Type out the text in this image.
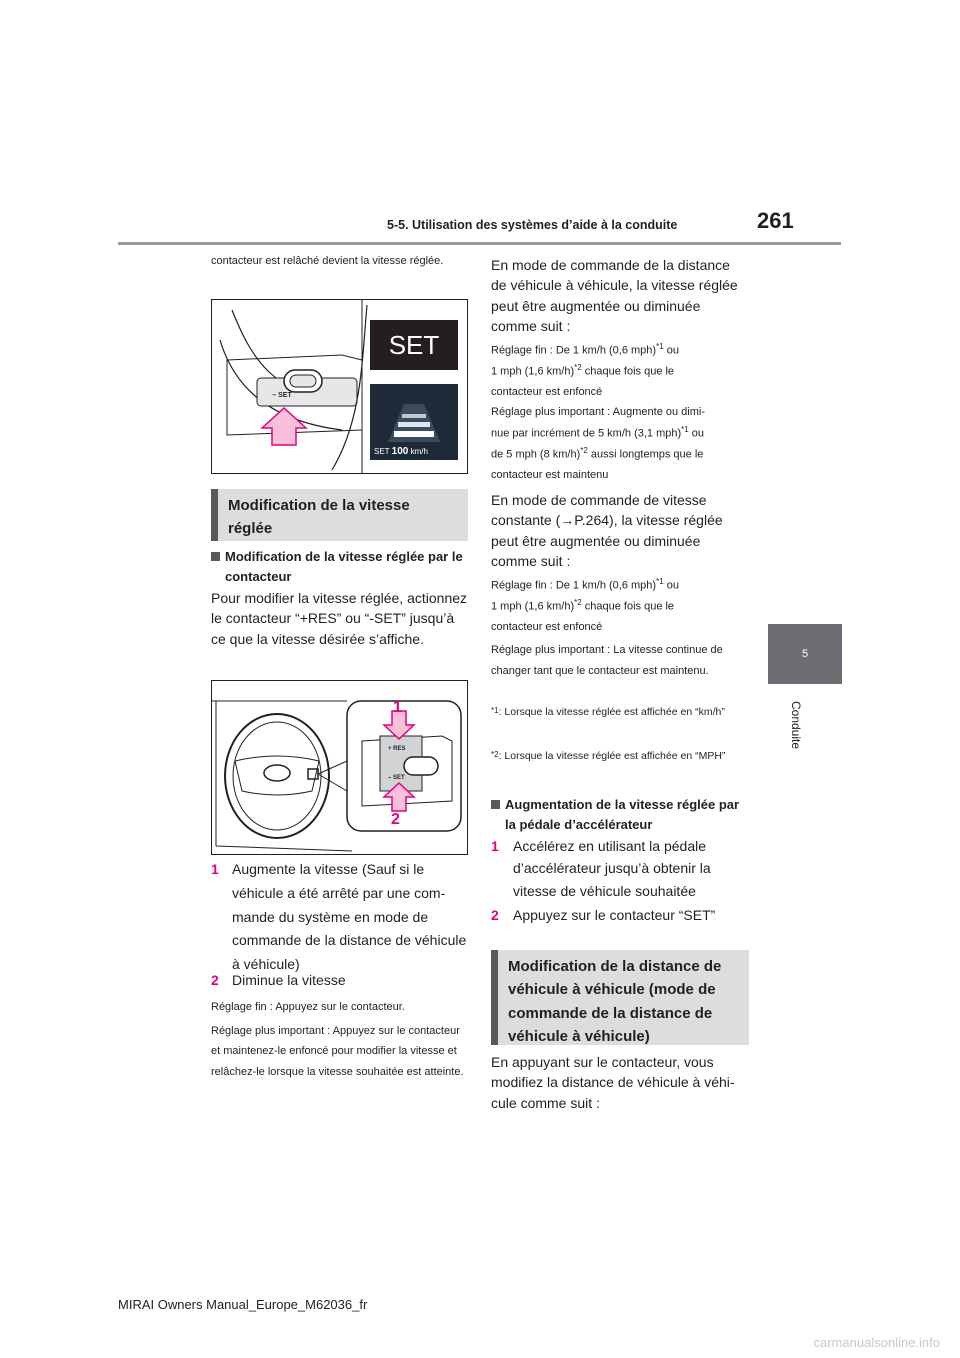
5-5. Utilisation des systèmes d’aide à la conduite	261
5
Conduite
contacteur est relâché devient la vitesse réglée.
– SET
SET
SET 100 km/h
Modification de la vitesse réglée
Modification de la vitesse réglée par le contacteur
Pour modifier la vitesse réglée, actionnez le contacteur “+RES” ou “-SET” jusqu’à ce que la vitesse désirée s’affiche.
+ RES
– SET
1
2
1 Augmente la vitesse (Sauf si le véhicule a été arrêté par une commande du système en mode de commande de la distance de véhicule à véhicule)
2 Diminue la vitesse
Réglage fin : Appuyez sur le contacteur.
Réglage plus important : Appuyez sur le contacteur et maintenez-le enfoncé pour modifier la vitesse et relâchez-le lorsque la vitesse souhaitée est atteinte.
En mode de commande de la distance de véhicule à véhicule, la vitesse réglée peut être augmentée ou diminuée comme suit :
Réglage fin : De 1 km/h (0,6 mph)$^{*1}$ ou
1 mph (1,6 km/h)$^{*2}$ chaque fois que le
contacteur est enfoncé
Réglage plus important : Augmente ou dimi-
nue par incrément de 5 km/h (3,1 mph)$^{*1}$ ou
de 5 mph (8 km/h)$^{*2}$ aussi longtemps que le
contacteur est maintenu
En mode de commande de vitesse constante (→P.264), la vitesse réglée peut être augmentée ou diminuée comme suit :
Réglage fin : De 1 km/h (0,6 mph)$^{*1}$ ou
1 mph (1,6 km/h)$^{*2}$ chaque fois que le
contacteur est enfoncé
Réglage plus important : La vitesse continue de changer tant que le contacteur est maintenu.
*1 : Lorsque la vitesse réglée est affichée en “km/h”
*2 : Lorsque la vitesse réglée est affichée en “MPH”
Augmentation de la vitesse réglée par la pédale d’accélérateur
1	Accélérez en utilisant la pédale d’accélérateur jusqu’à obtenir la vitesse de véhicule souhaitée
2	Appuyez sur le contacteur “SET”
Modification de la distance de véhicule à véhicule (mode de commande de la distance de véhicule à véhicule)
En appuyant sur le contacteur, vous modifiez la distance de véhicule à véhicule comme suit :
MIRAI Owners Manual_Europe_M62036_fr
carmanualsonline.info
